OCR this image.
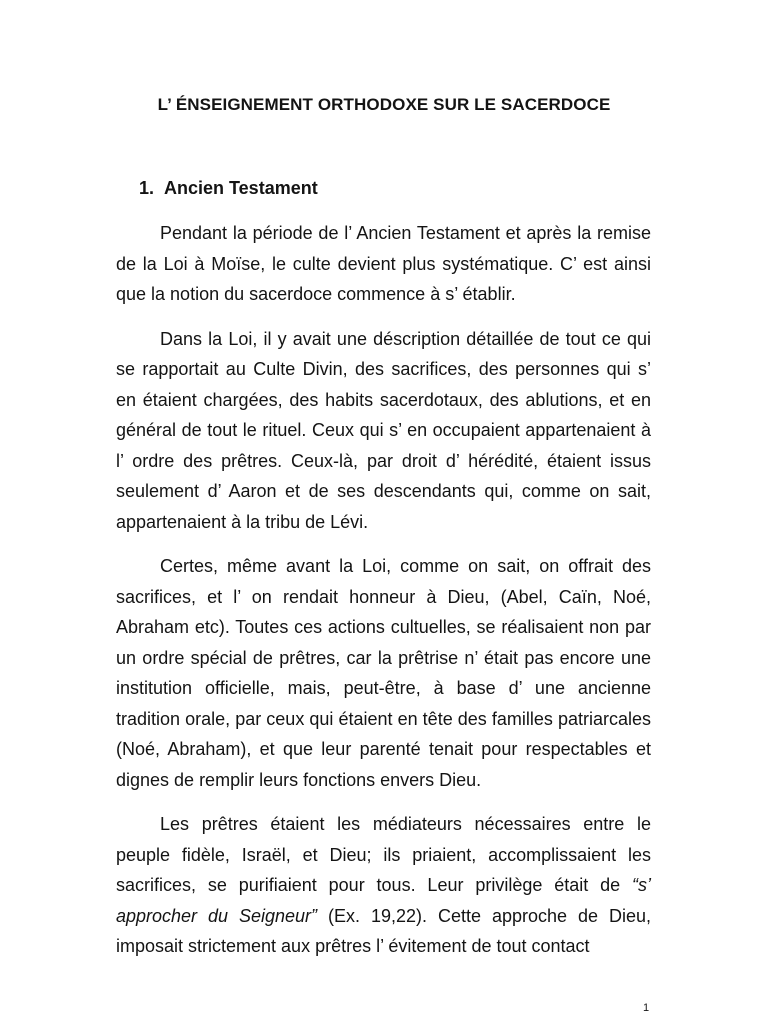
L’ ÉNSEIGNEMENT ORTHODOXE SUR LE SACERDOCE
1. Ancien Testament

Pendant la période de l’ Ancien Testament et après la remise de la Loi à Moïse, le culte devient plus systématique. C’ est ainsi que la notion du sacerdoce commence à s’ établir.

Dans la Loi, il y avait une déscription détaillée de tout ce qui se rapportait au Culte Divin, des sacrifices, des personnes qui s’ en étaient chargées, des habits sacerdotaux, des ablutions, et en général de tout le rituel. Ceux qui s’ en occupaient appartenaient à l’ ordre des prêtres. Ceux-là, par droit d’ hérédité, étaient issus seulement d’ Aaron et de ses descendants qui, comme on sait, appartenaient à la tribu de Lévi.

Certes, même avant la Loi, comme on sait, on offrait des sacrifices, et l’ on rendait honneur à Dieu, (Abel, Caïn, Noé, Abraham etc). Toutes ces actions cultuelles, se réalisaient non par un ordre spécial de prêtres, car la prêtrise n’ était pas encore une institution officielle, mais, peut-être, à base d’ une ancienne tradition orale, par ceux qui étaient en tête des familles patriarcales (Noé, Abraham), et que leur parenté tenait pour respectables et dignes de remplir leurs fonctions envers Dieu.

Les prêtres étaient les médiateurs nécessaires entre le peuple fidèle, Israël, et Dieu; ils priaient, accomplissaient les sacrifices, se purifiaient pour tous. Leur privilège était de “s’ approcher du Seigneur” (Ex. 19,22). Cette approche de Dieu, imposait strictement aux prêtres l’ évitement de tout contact

1
